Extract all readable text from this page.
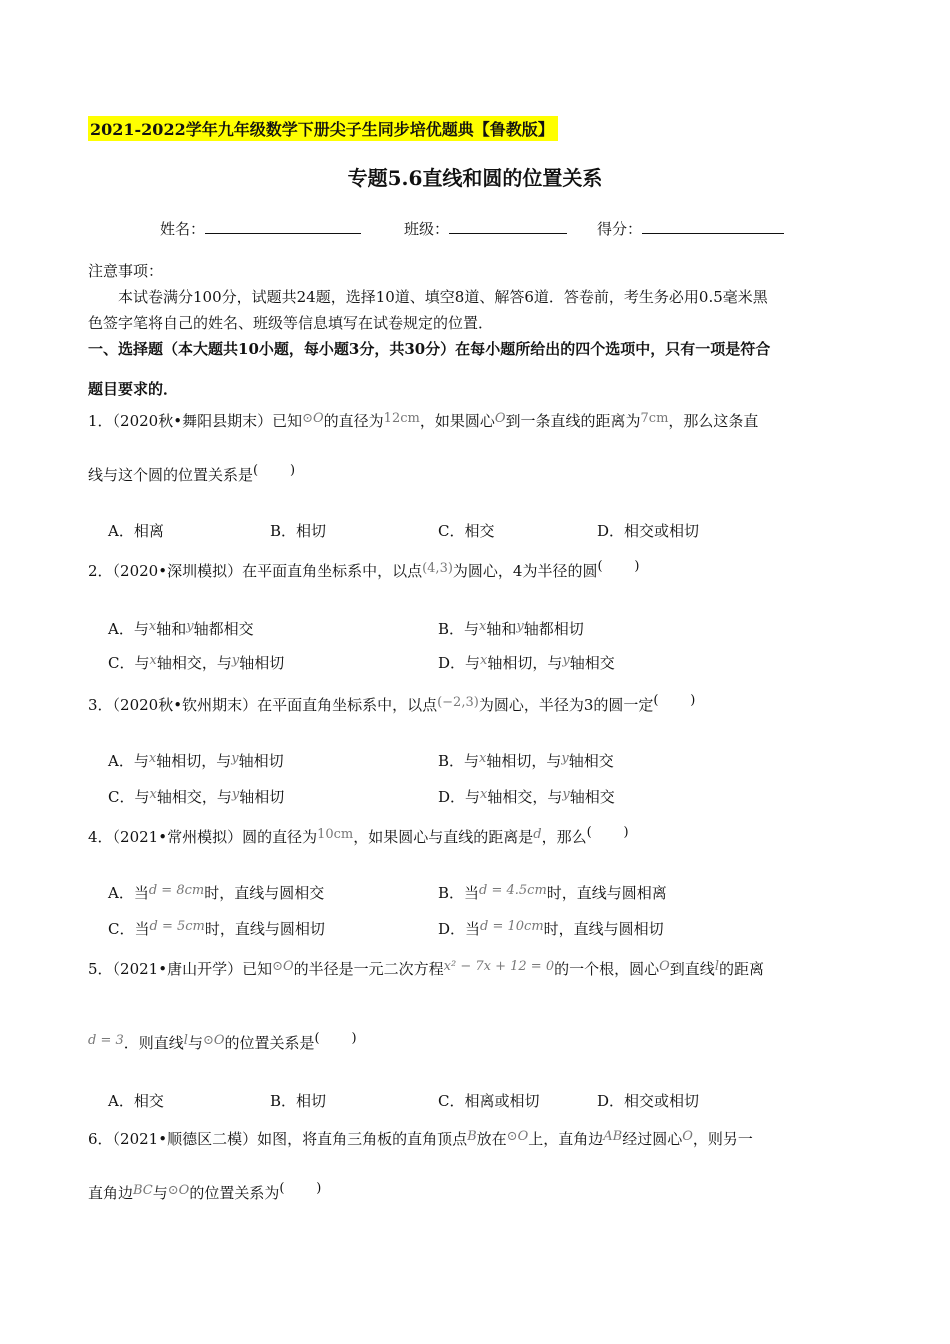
2021-2022学年九年级数学下册尖子生同步培优题典【鲁教版】
专题5.6直线和圆的位置关系
姓名：	班级：	得分：
注意事项：
本试卷满分100分，试题共24题，选择10道、填空8道、解答6道．答卷前，考生务必用0.5毫米黑
色签字笔将自己的姓名、班级等信息填写在试卷规定的位置．
一、选择题（本大题共10小题，每小题3分，共30分）在每小题所给出的四个选项中，只有一项是符合
题目要求的．
1．（2020秋•舞阳县期末）已知⊙O的直径为12cm，如果圆心O到一条直线的距离为7cm，那么这条直
线与这个圆的位置关系是( )
A．相离	B．相切	C．相交	D．相交或相切
2．（2020•深圳模拟）在平面直角坐标系中，以点(4,3)为圆心，4为半径的圆( )
A．与x轴和y轴都相交	B．与x轴和y轴都相切
C．与x轴相交，与y轴相切	D．与x轴相切，与y轴相交
3．（2020秋•钦州期末）在平面直角坐标系中，以点(−2,3)为圆心，半径为3的圆一定( )
A．与x轴相切，与y轴相切	B．与x轴相切，与y轴相交
C．与x轴相交，与y轴相切	D．与x轴相交，与y轴相交
4．（2021•常州模拟）圆的直径为10cm，如果圆心与直线的距离是d，那么( )
A．当d = 8cm时，直线与圆相交	B．当d = 4.5cm时，直线与圆相离
C．当d = 5cm时，直线与圆相切	D．当d = 10cm时，直线与圆相切
5．（2021•唐山开学）已知⊙O的半径是一元二次方程x² − 7x + 12 = 0的一个根，圆心O到直线l的距离
d = 3．则直线l与⊙O的位置关系是( )
A．相交	B．相切	C．相离或相切	D．相交或相切
6．（2021•顺德区二模）如图，将直角三角板的直角顶点B放在⊙O上，直角边AB经过圆心O，则另一
直角边BC与⊙O的位置关系为( )
